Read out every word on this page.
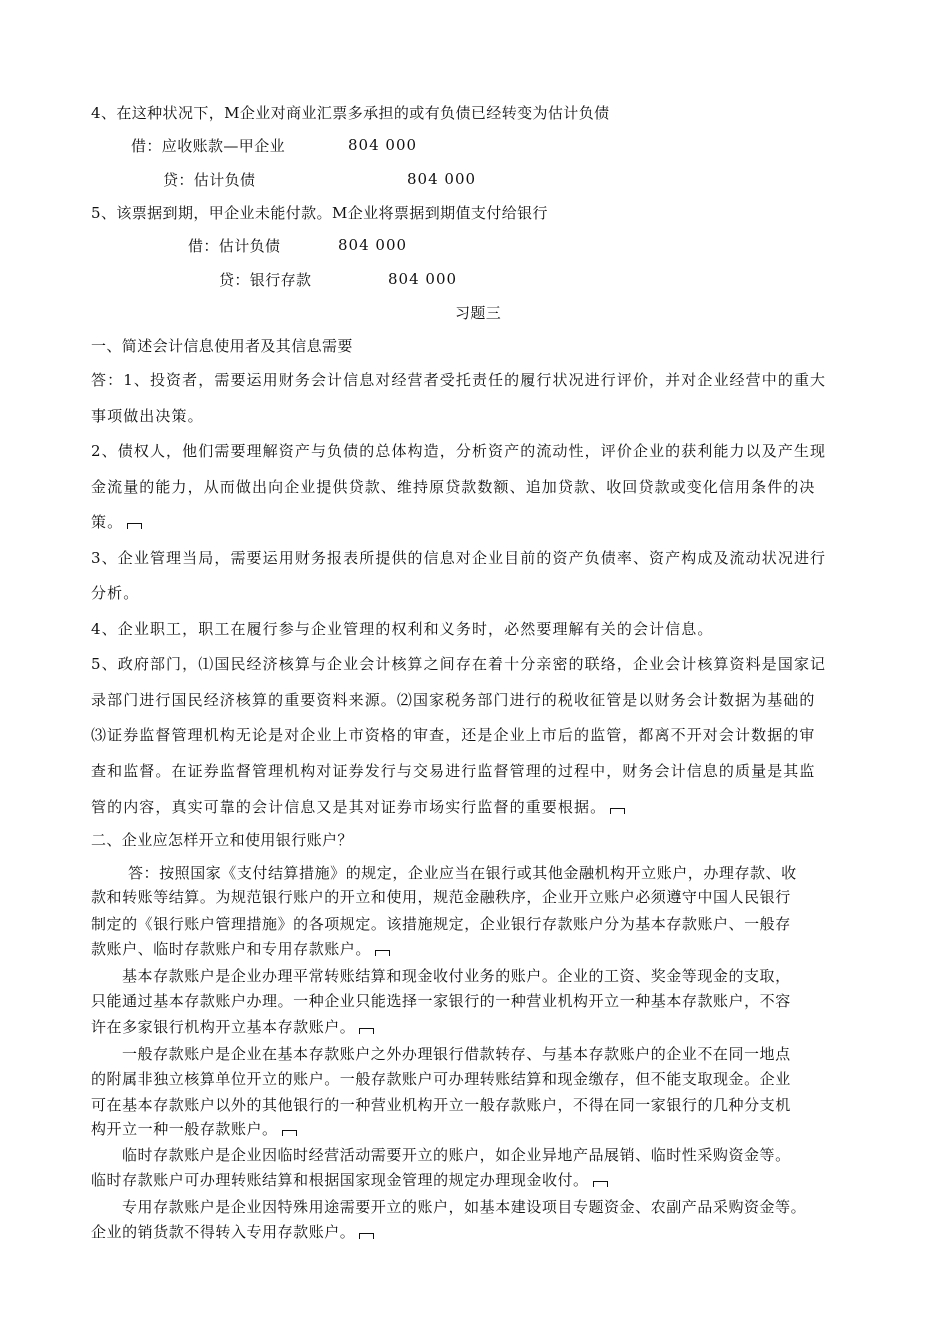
4、在这种状况下，M企业对商业汇票多承担的或有负债已经转变为估计负债
借：应收账款—甲企业	804 000
贷：估计负债	804 000
5、该票据到期，甲企业未能付款。M企业将票据到期值支付给银行
借：估计负债	804 000
贷：银行存款	804 000
习题三
一、简述会计信息使用者及其信息需要
答：1、投资者，需要运用财务会计信息对经营者受托责任的履行状况进行评价，并对企业经营中的重大
事项做出决策。
2、债权人，他们需要理解资产与负债的总体构造，分析资产的流动性，评价企业的获利能力以及产生现
金流量的能力，从而做出向企业提供贷款、维持原贷款数额、追加贷款、收回贷款或变化信用条件的决
策。
3、企业管理当局，需要运用财务报表所提供的信息对企业目前的资产负债率、资产构成及流动状况进行
分析。
4、企业职工，职工在履行参与企业管理的权利和义务时，必然要理解有关的会计信息。
5、政府部门，⑴国民经济核算与企业会计核算之间存在着十分亲密的联络，企业会计核算资料是国家记
录部门进行国民经济核算的重要资料来源。⑵国家税务部门进行的税收征管是以财务会计数据为基础的
⑶证券监督管理机构无论是对企业上市资格的审查，还是企业上市后的监管，都离不开对会计数据的审
查和监督。在证券监督管理机构对证券发行与交易进行监督管理的过程中，财务会计信息的质量是其监
管的内容，真实可靠的会计信息又是其对证券市场实行监督的重要根据。
二、企业应怎样开立和使用银行账户？
答：按照国家《支付结算措施》的规定，企业应当在银行或其他金融机构开立账户，办理存款、收
款和转账等结算。为规范银行账户的开立和使用，规范金融秩序，企业开立账户必须遵守中国人民银行
制定的《银行账户管理措施》的各项规定。该措施规定，企业银行存款账户分为基本存款账户、一般存
款账户、临时存款账户和专用存款账户。
基本存款账户是企业办理平常转账结算和现金收付业务的账户。企业的工资、奖金等现金的支取，
只能通过基本存款账户办理。一种企业只能选择一家银行的一种营业机构开立一种基本存款账户，不容
许在多家银行机构开立基本存款账户。
一般存款账户是企业在基本存款账户之外办理银行借款转存、与基本存款账户的企业不在同一地点
的附属非独立核算单位开立的账户。一般存款账户可办理转账结算和现金缴存，但不能支取现金。企业
可在基本存款账户以外的其他银行的一种营业机构开立一般存款账户，不得在同一家银行的几种分支机
构开立一种一般存款账户。
临时存款账户是企业因临时经营活动需要开立的账户，如企业异地产品展销、临时性采购资金等。
临时存款账户可办理转账结算和根据国家现金管理的规定办理现金收付。
专用存款账户是企业因特殊用途需要开立的账户，如基本建设项目专题资金、农副产品采购资金等。
企业的销货款不得转入专用存款账户。
